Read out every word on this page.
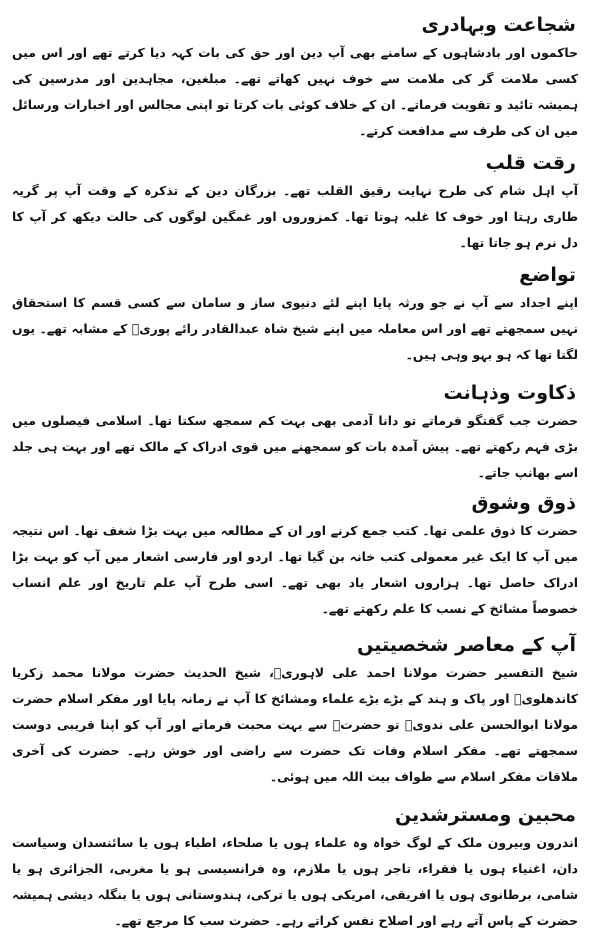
شجاعت وبہادری

حاکموں اور بادشاہوں کے سامنے بھی آپ دین اور حق کی بات کہہ دیا کرتے تھے اور اس میں کسی ملامت گر کی ملامت سے خوف نہیں کھاتے تھے۔ مبلغین، مجاہدین اور مدرسین کی ہمیشہ تائید و تقویت فرماتے۔ ان کے خلاف کوئی بات کرتا تو اپنی مجالس اور اخبارات ورسائل میں ان کی طرف سے مدافعت کرتے۔

رقت قلب

آپ اہل شام کی طرح نہایت رقیق القلب تھے۔ بزرگان دین کے تذکرہ کے وقت آپ پر گریہ طاری رہتا اور خوف کا غلبہ ہوتا تھا۔ کمزوروں اور غمگین لوگوں کی حالت دیکھ کر آپ کا دل نرم ہو جاتا تھا۔

تواضع

اپنے اجداد سے آپ نے جو ورثہ پایا اپنے لئے دنیوی ساز و سامان سے کسی قسم کا استحقاق نہیں سمجھتے تھے اور اس معاملہ میں اپنے شیخ شاہ عبدالقادر رائے پوریؒ کے مشابہ تھے۔ یوں لگتا تھا کہ ہو بہو وہی ہیں۔

ذکاوت وذہانت

حضرت جب گفتگو فرماتے تو دانا آدمی بھی بہت کم سمجھ سکتا تھا۔ اسلامی فیصلوں میں بڑی فہم رکھتے تھے۔ پیش آمدہ بات کو سمجھنے میں قوی ادراک کے مالک تھے اور بہت ہی جلد اسے بھانپ جاتے۔

ذوق وشوق

حضرت کا ذوق علمی تھا۔ کتب جمع کرنے اور ان کے مطالعہ میں بہت بڑا شغف تھا۔ اس نتیجہ میں آپ کا ایک غیر معمولی کتب خانہ بن گیا تھا۔ اردو اور فارسی اشعار میں آپ کو بہت بڑا ادراک حاصل تھا۔ ہزاروں اشعار یاد بھی تھے۔ اسی طرح آپ علم تاریخ اور علم انساب خصوصاً مشائخ کے نسب کا علم رکھتے تھے۔

آپ کے معاصر شخصیتیں

شیخ التفسیر حضرت مولانا احمد علی لاہوریؒ، شیخ الحدیث حضرت مولانا محمد زکریا کاندھلویؒ اور پاک و ہند کے بڑے بڑے علماء ومشائخ کا آپ نے زمانہ پایا اور مفکر اسلام حضرت مولانا ابوالحسن علی ندویؒ تو حضرتؒ سے بہت محبت فرماتے اور آپ کو اپنا قریبی دوست سمجھتے تھے۔ مفکر اسلام وفات تک حضرت سے راضی اور خوش رہے۔ حضرت کی آخری ملاقات مفکر اسلام سے طواف بیت اللہ میں ہوئی۔

محبین ومسترشدین

اندرون وبیرون ملک کے لوگ خواہ وہ علماء ہوں یا صلحاء، اطباء ہوں یا سائنسدان وسیاست دان، اغنیاء ہوں یا فقراء، تاجر ہوں یا ملازم، وہ فرانسیسی ہو یا مغربی، الجزائری ہو یا شامی، برطانوی ہوں یا افریقی، امریکی ہوں یا ترکی، ہندوستانی ہوں یا بنگلہ دیشی ہمیشہ حضرت کے پاس آتے رہے اور اصلاح نفس کراتے رہے۔ حضرت سب کا مرجع تھے۔
